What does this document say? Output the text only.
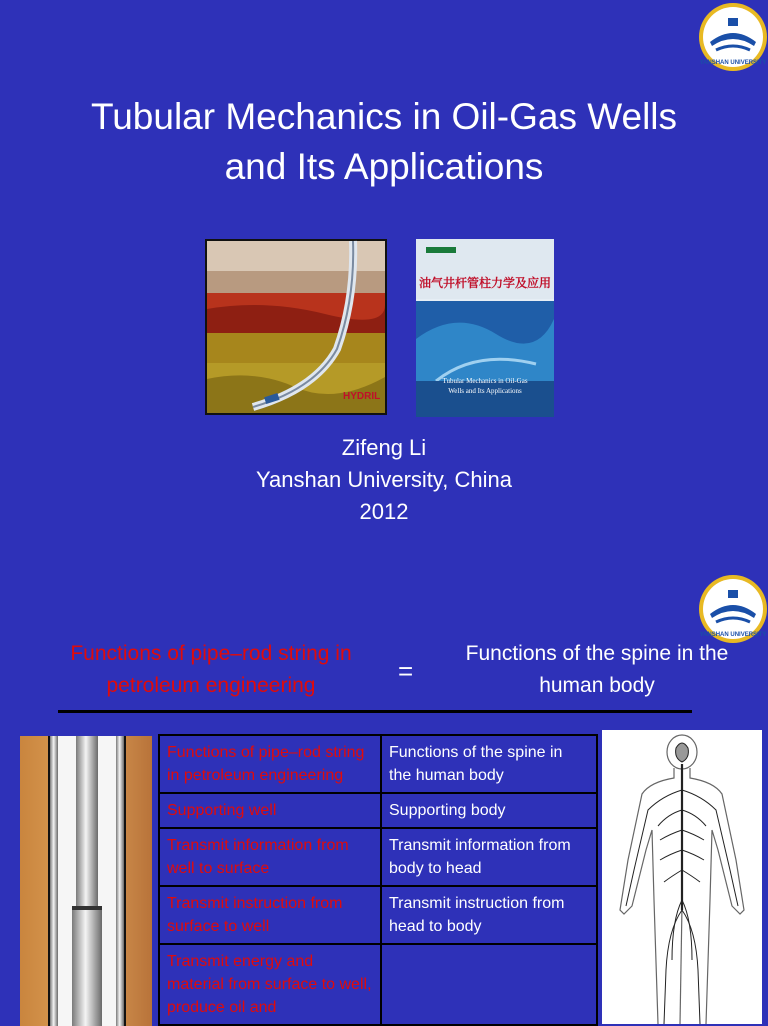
YANSHAN UNIVERSITY
Tubular Mechanics in Oil-Gas Wells and Its Applications
HYDRIL
油气井杆管柱力学及应用
Tubular Mechanics in Oil-Gas
Wells and Its Applications
Zifeng Li
Yanshan University, China
2012
YANSHAN UNIVERSITY
Functions of pipe–rod string in petroleum engineering	=
Functions of the spine in the human body
Functions of pipe–rod string in petroleum engineering	Functions of the spine in the human body
Supporting well	Supporting body
Transmit information from well to surface	Transmit information from body to head
Transmit instruction from surface to well	Transmit instruction from head to body
Transmit energy and material from surface to well, produce oil and	
